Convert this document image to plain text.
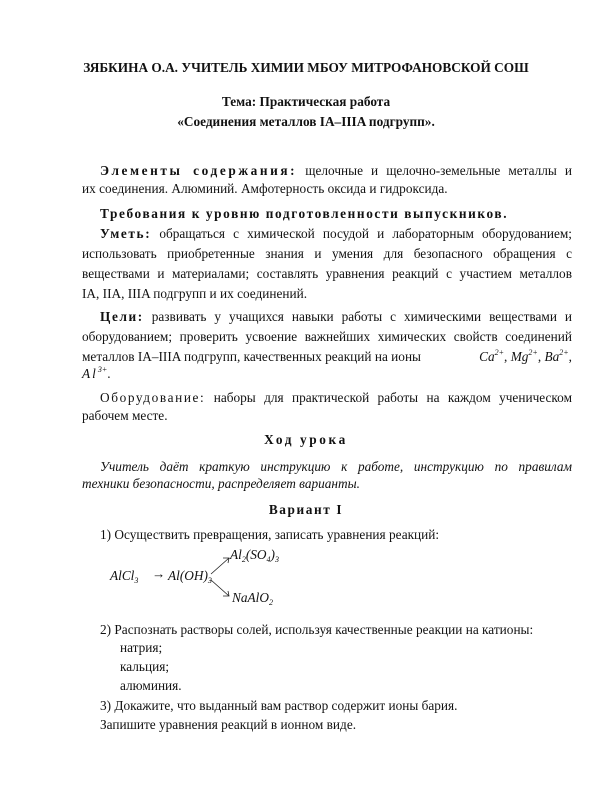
ЗЯБКИНА О.А. УЧИТЕЛЬ ХИМИИ МБОУ МИТРОФАНОВСКОЙ СОШ
Тема: Практическая работа
«Соединения металлов IA–IIIA подгрупп».
Элементы содержания: щелочные и щелочно-земельные металлы и
их соединения. Алюминий. Амфотерность оксида и гидроксида.
Требования к уровню подготовленности выпускников.
Уметь: обращаться с химической посудой и лабораторным оборудованием;
использовать приобретенные знания и умения для безопасного обращения с
веществами и материалами; составлять уравнения реакций с участием металлов
IA, IIA, IIIA подгрупп и их соединений.
Цели: развивать у учащихся навыки работы с химическими веществами и
оборудованием; проверить усвоение важнейших химических свойств соединений
металлов IA–IIIA подгрупп, качественных реакций на ионы	$Ca^{2+}$, $Mg^{2+}$, $Ba^{2+}$,
$Al^{3+}$.
Оборудование: наборы для практической работы на каждом ученическом
рабочем месте.
Ход урока
Учитель даёт краткую инструкцию к работе, инструкцию по правилам
техники безопасности, распределяет варианты.
Вариант I
1) Осуществить превращения, записать уравнения реакций:
AlCl$_3$ → $Al(OH)_3$
$Al_2(SO_4)_3$
NaAlO$_2$
2) Распознать растворы солей, используя качественные реакции на катионы:
натрия;
кальция;
алюминия.
3) Докажите, что выданный вам раствор содержит ионы бария.
Запишите уравнения реакций в ионном виде.
